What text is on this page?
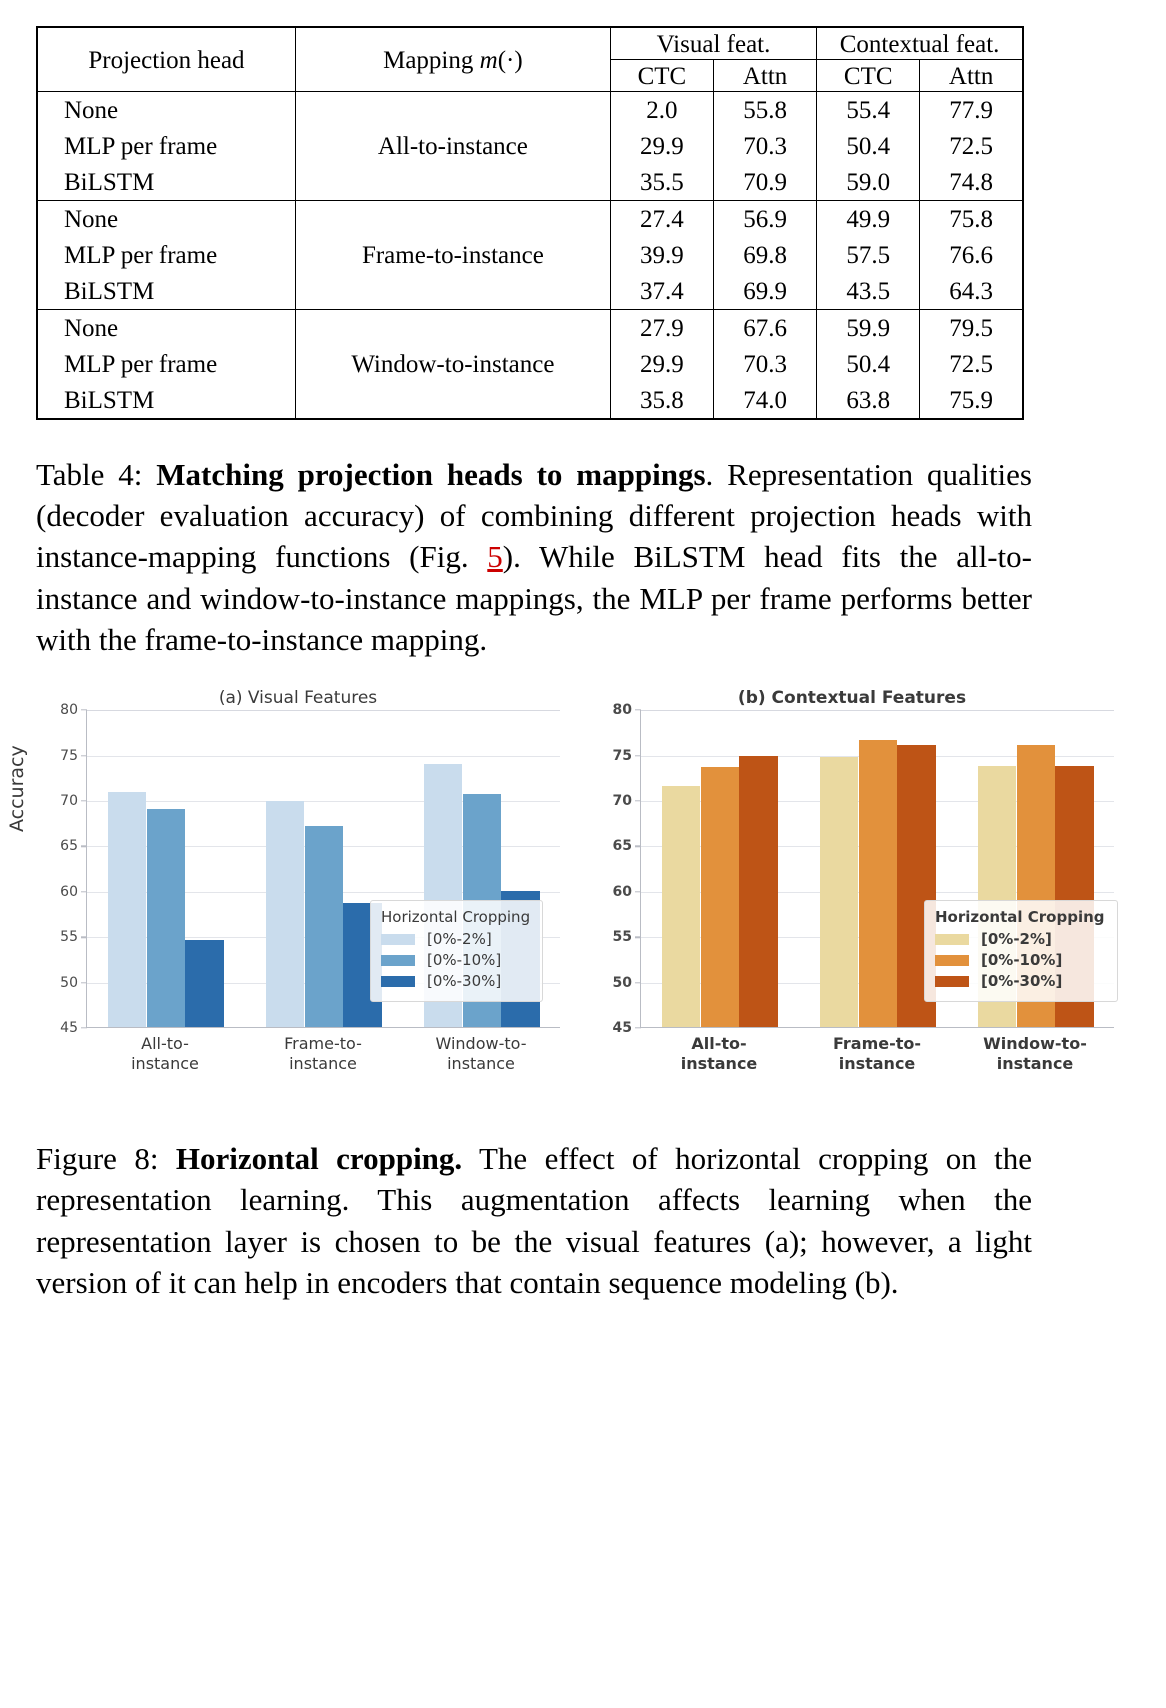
Projection head	Mapping m(·)	Visual feat.		Contextual feat.	
		CTC	Attn	CTC	Attn
None	All-to-instance	2.0	55.8	55.4	77.9
MLP per frame		29.9	70.3	50.4	72.5
BiLSTM		35.5	70.9	59.0	74.8
None	Frame-to-instance	27.4	56.9	49.9	75.8
MLP per frame		39.9	69.8	57.5	76.6
BiLSTM		37.4	69.9	43.5	64.3
None	Window-to-instance	27.9	67.6	59.9	79.5
MLP per frame		29.9	70.3	50.4	72.5
BiLSTM		35.8	74.0	63.8	75.9
Table 4: Matching projection heads to mappings. Representation qualities (decoder evaluation accuracy) of combining different projection heads with instance-mapping functions (Fig. 5). While BiLSTM head fits the all-to-instance and window-to-instance mappings, the MLP per frame performs better with the frame-to-instance mapping.
(a) Visual Features
45
50
55
60
65
70
75
80
Accuracy
Horizontal Cropping
[0%-2%]
[0%-10%]
[0%-30%]
All-to-
instance
Frame-to-
instance
Window-to-
instance
(b) Contextual Features
45
50
55
60
65
70
75
80
Horizontal Cropping
[0%-2%]
[0%-10%]
[0%-30%]
All-to-
instance
Frame-to-
instance
Window-to-
instance
Figure 8: Horizontal cropping. The effect of horizontal cropping on the representation learning. This augmentation affects learning when the representation layer is chosen to be the visual features (a); however, a light version of it can help in encoders that contain sequence modeling (b).
